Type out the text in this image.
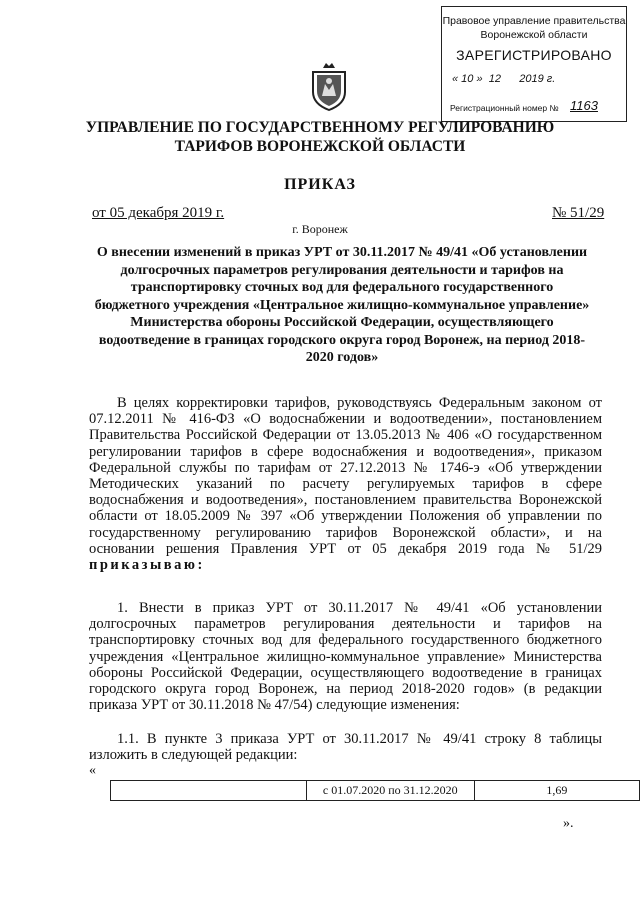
Правовое управление правительства
Воронежской области
ЗАРЕГИСТРИРОВАНО
« 10 »  12      2019 г.
Регистрационный номер № 1163
УПРАВЛЕНИЕ ПО ГОСУДАРСТВЕННОМУ РЕГУЛИРОВАНИЮ
ТАРИФОВ ВОРОНЕЖСКОЙ ОБЛАСТИ
ПРИКАЗ
от 05 декабря 2019 г.	№ 51/29
г. Воронеж
О внесении изменений в приказ УРТ от 30.11.2017 № 49/41 «Об установлении долгосрочных параметров регулирования деятельности и тарифов на транспортировку сточных вод для федерального государственного бюджетного учреждения «Центральное жилищно-коммунальное управление» Министерства обороны Российской Федерации, осуществляющего водоотведение в границах городского округа город Воронеж, на период 2018-2020 годов»
В целях корректировки тарифов, руководствуясь Федеральным законом от 07.12.2011 № 416-ФЗ «О водоснабжении и водоотведении», постановлением Правительства Российской Федерации от 13.05.2013 № 406 «О государственном регулировании тарифов в сфере водоснабжения и водоотведения», приказом Федеральной службы по тарифам от 27.12.2013 № 1746-э «Об утверждении Методических указаний по расчету регулируемых тарифов в сфере водоснабжения и водоотведения», постановлением правительства Воронежской области от 18.05.2009 № 397 «Об утверждении Положения об управлении по государственному регулированию тарифов Воронежской области», и на основании решения Правления УРТ от 05 декабря 2019 года № 51/29 приказываю:
1. Внести в приказ УРТ от 30.11.2017 № 49/41 «Об установлении долгосрочных параметров регулирования деятельности и тарифов на транспортировку сточных вод для федерального государственного бюджетного учреждения «Центральное жилищно-коммунальное управление» Министерства обороны Российской Федерации, осуществляющего водоотведение в границах городского округа город Воронеж, на период 2018-2020 годов» (в редакции приказа УРТ от 30.11.2018 № 47/54) следующие изменения:
1.1. В пункте 3 приказа УРТ от 30.11.2017 № 49/41 строку 8 таблицы изложить в следующей редакции:
«
	с 01.07.2020 по 31.12.2020	1,69
».
